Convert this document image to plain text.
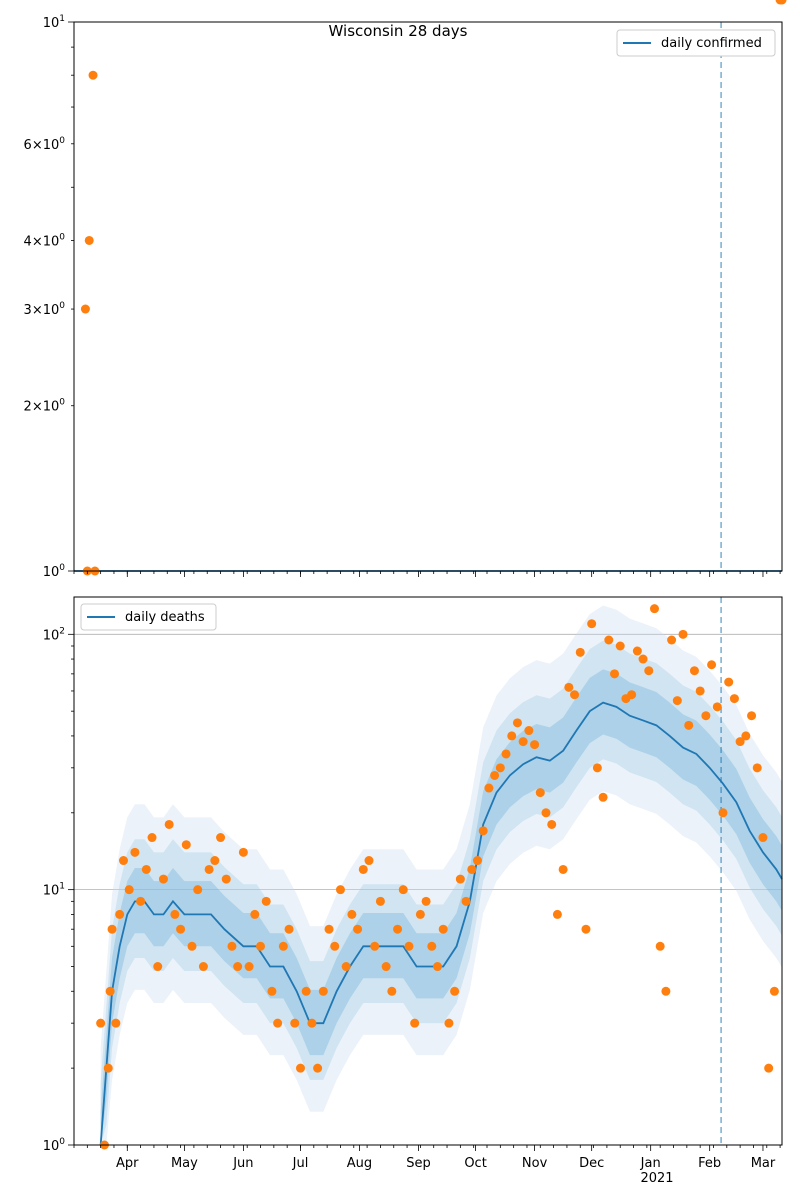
Wisconsin 28 days
$10^0$
$2\times 10^0$
$3\times 10^0$
$4\times 10^0$
$6\times 10^0$
$10^1$
daily confirmed
$10^0$
$10^1$
$10^2$
Apr May	Jun	Jul	Aug	Sep	Oct	Nov Dec	Jan	Feb Mar
daily deaths
2021
